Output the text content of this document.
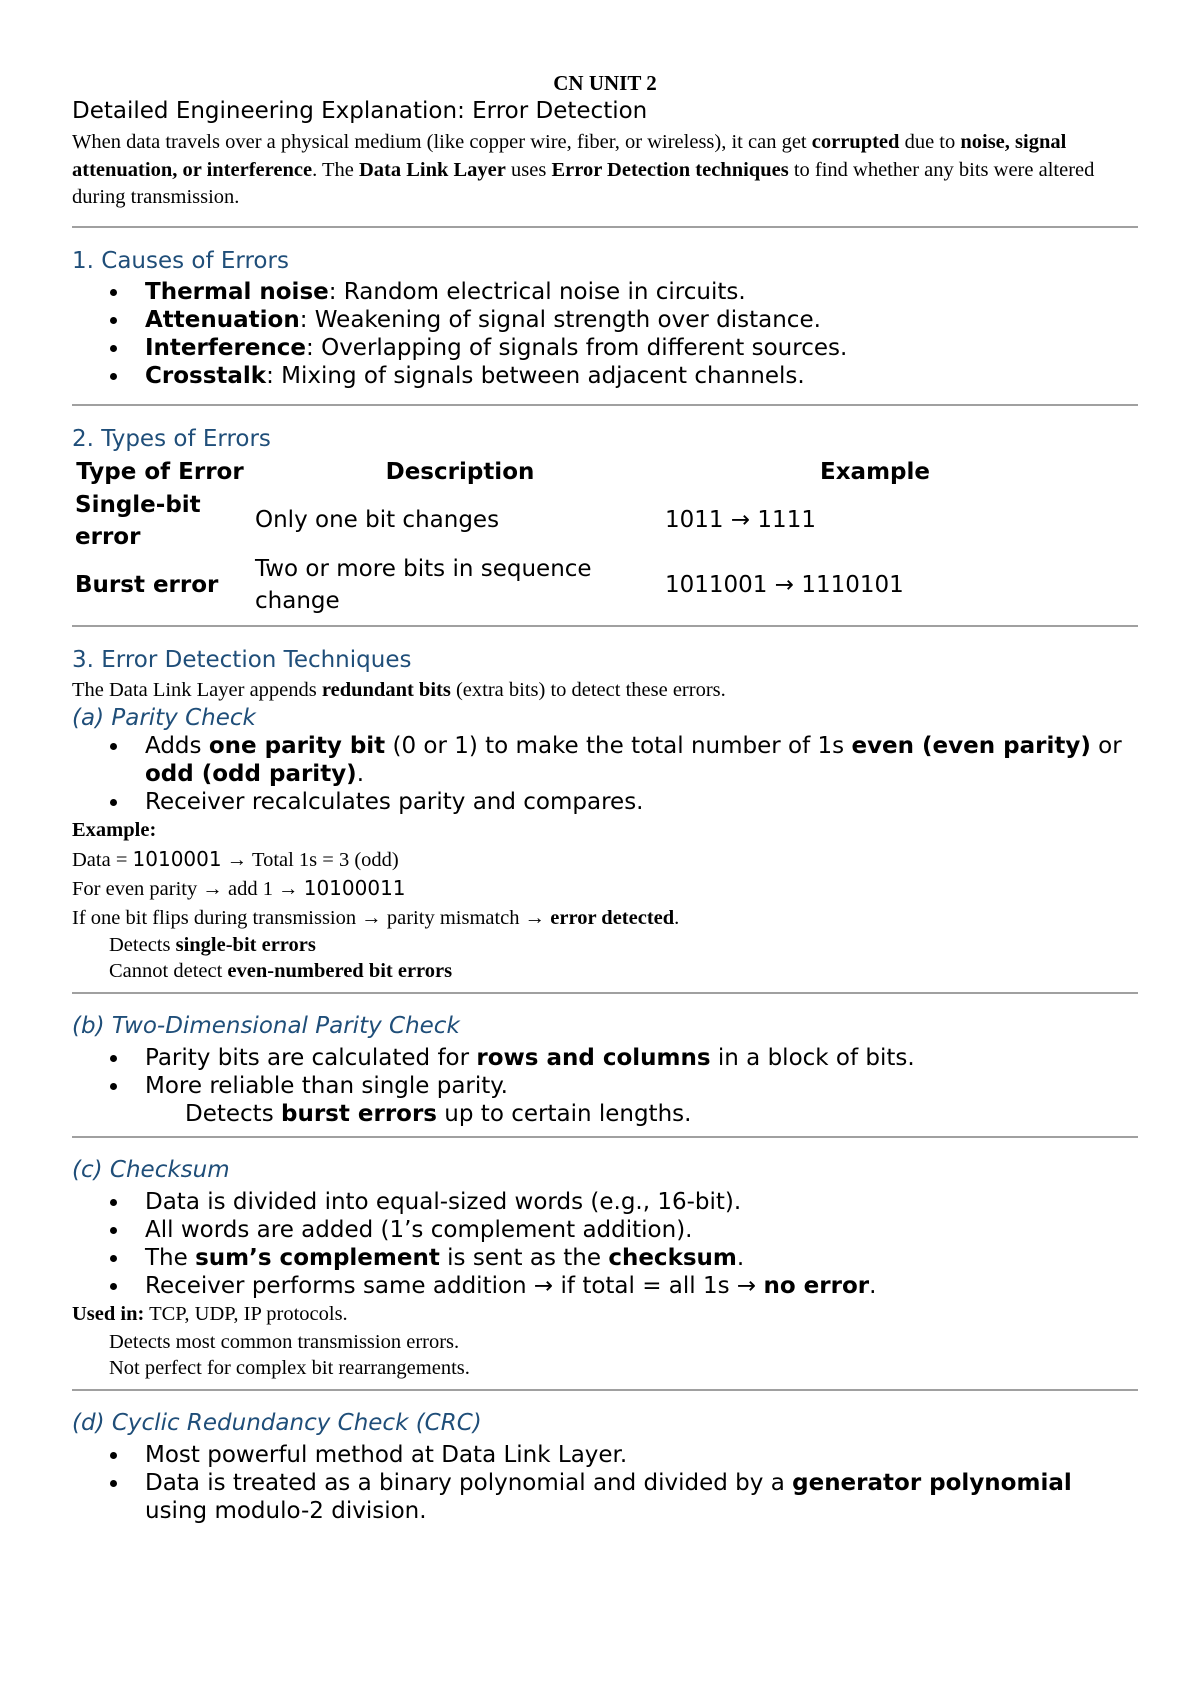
CN UNIT 2

Detailed Engineering Explanation: Error Detection

When data travels over a physical medium (like copper wire, fiber, or wireless), it can get corrupted due to noise, signal attenuation, or interference. The Data Link Layer uses Error Detection techniques to find whether any bits were altered during transmission.

1. Causes of Errors
Thermal noise: Random electrical noise in circuits.
Attenuation: Weakening of signal strength over distance.
Interference: Overlapping of signals from different sources.
Crosstalk: Mixing of signals between adjacent channels.
2. Types of Errors
Type of Error	Description	Example
Single-bit error	Only one bit changes	1011 → 1111
Burst error	Two or more bits in sequence change	1011001 → 1110101
3. Error Detection Techniques

The Data Link Layer appends redundant bits (extra bits) to detect these errors.

(a) Parity Check
Adds one parity bit (0 or 1) to make the total number of 1s even (even parity) or odd (odd parity).
Receiver recalculates parity and compares.

Example:

Data = 1010001 → Total 1s = 3 (odd)

For even parity → add 1 → 10100011

If one bit flips during transmission → parity mismatch → error detected.

Detects single-bit errors

Cannot detect even-numbered bit errors

(b) Two-Dimensional Parity Check
Parity bits are calculated for rows and columns in a block of bits.
More reliable than single parity.

Detects burst errors up to certain lengths.

(c) Checksum
Data is divided into equal-sized words (e.g., 16-bit).
All words are added (1’s complement addition).
The sum’s complement is sent as the checksum.
Receiver performs same addition → if total = all 1s → no error.

Used in: TCP, UDP, IP protocols.

Detects most common transmission errors.

Not perfect for complex bit rearrangements.

(d) Cyclic Redundancy Check (CRC)
Most powerful method at Data Link Layer.
Data is treated as a binary polynomial and divided by a generator polynomial using modulo-2 division.
